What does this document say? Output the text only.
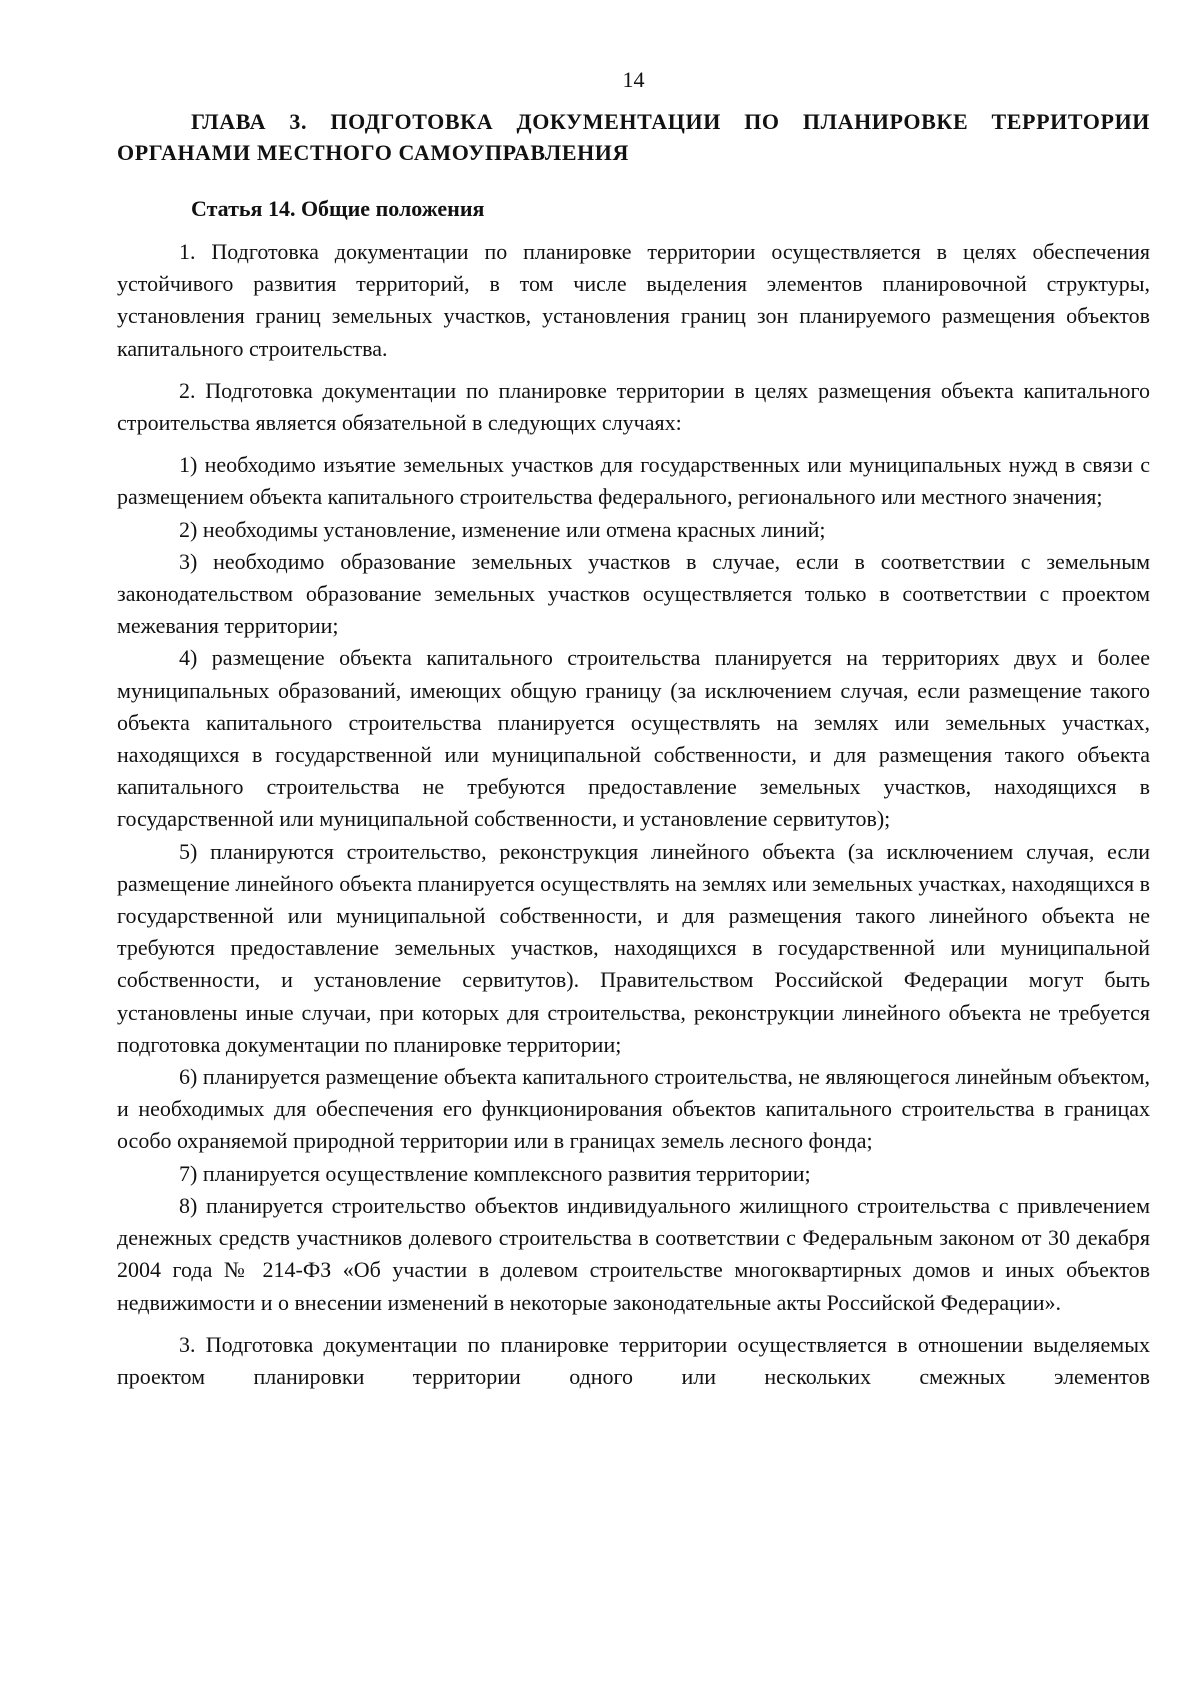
14
ГЛАВА 3. ПОДГОТОВКА ДОКУМЕНТАЦИИ ПО ПЛАНИРОВКЕ ТЕРРИТОРИИ ОРГАНАМИ МЕСТНОГО САМОУПРАВЛЕНИЯ
Статья 14. Общие положения

1. Подготовка документации по планировке территории осуществляется в целях обеспечения устойчивого развития территорий, в том числе выделения элементов планировочной структуры, установления границ земельных участков, установления границ зон планируемого размещения объектов капитального строительства.

2. Подготовка документации по планировке территории в целях размещения объекта капитального строительства является обязательной в следующих случаях:

1) необходимо изъятие земельных участков для государственных или муниципальных нужд в связи с размещением объекта капитального строительства федерального, регионального или местного значения;

2) необходимы установление, изменение или отмена красных линий;

3) необходимо образование земельных участков в случае, если в соответствии с земельным законодательством образование земельных участков осуществляется только в соответствии с проектом межевания территории;

4) размещение объекта капитального строительства планируется на территориях двух и более муниципальных образований, имеющих общую границу (за исключением случая, если размещение такого объекта капитального строительства планируется осуществлять на землях или земельных участках, находящихся в государственной или муниципальной собственности, и для размещения такого объекта капитального строительства не требуются предоставление земельных участков, находящихся в государственной или муниципальной собственности, и установление сервитутов);

5) планируются строительство, реконструкция линейного объекта (за исключением случая, если размещение линейного объекта планируется осуществлять на землях или земельных участках, находящихся в государственной или муниципальной собственности, и для размещения такого линейного объекта не требуются предоставление земельных участков, находящихся в государственной или муниципальной собственности, и установление сервитутов). Правительством Российской Федерации могут быть установлены иные случаи, при которых для строительства, реконструкции линейного объекта не требуется подготовка документации по планировке территории;

6) планируется размещение объекта капитального строительства, не являющегося линейным объектом, и необходимых для обеспечения его функционирования объектов капитального строительства в границах особо охраняемой природной территории или в границах земель лесного фонда;

7) планируется осуществление комплексного развития территории;

8) планируется строительство объектов индивидуального жилищного строительства с привлечением денежных средств участников долевого строительства в соответствии с Федеральным законом от 30 декабря 2004 года № 214-ФЗ «Об участии в долевом строительстве многоквартирных домов и иных объектов недвижимости и о внесении изменений в некоторые законодательные акты Российской Федерации».

3. Подготовка документации по планировке территории осуществляется в отношении выделяемых проектом планировки территории одного или нескольких смежных элементов
